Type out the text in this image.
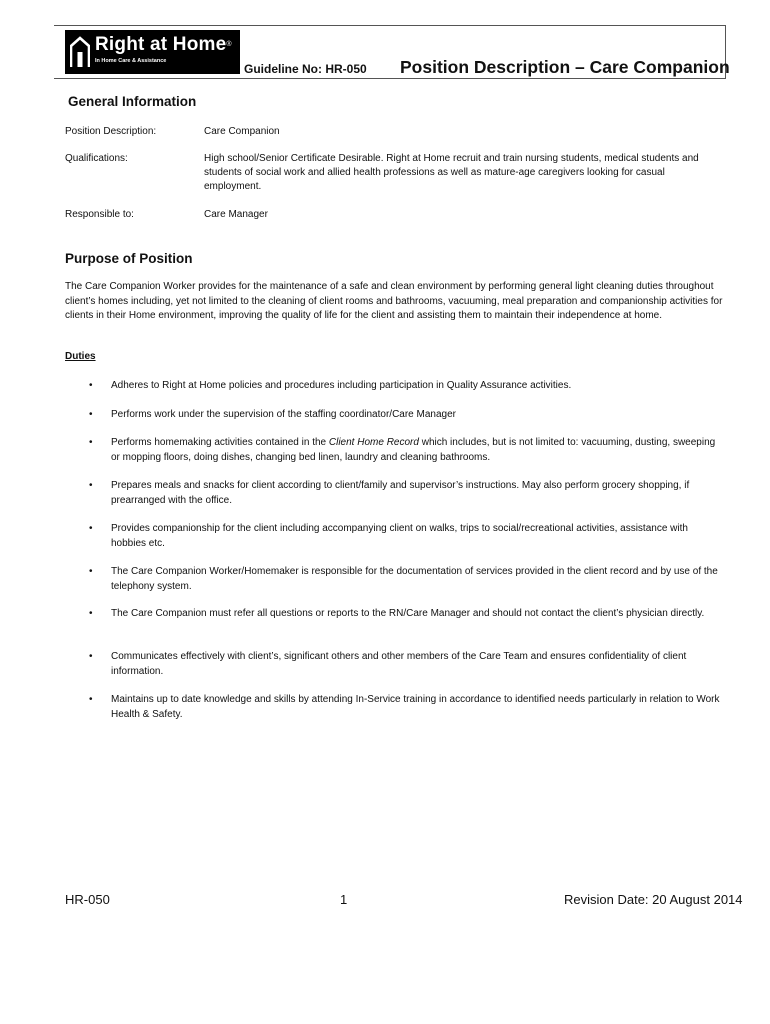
Right at Home®
In Home Care & Assistance
Guideline No: HR-050 Position Description – Care Companion
General Information
Position Description:	Care Companion
Qualifications:	High school/Senior Certificate Desirable. Right at Home recruit and train nursing students, medical students and students of social work and allied health professions as well as mature-age caregivers looking for casual employment.
Responsible to:	Care Manager
Purpose of Position
The Care Companion Worker provides for the maintenance of a safe and clean environment by performing general light cleaning duties throughout client’s homes including, yet not limited to the cleaning of client rooms and bathrooms, vacuuming, meal preparation and companionship activities for clients in their Home environment, improving the quality of life for the client and assisting them to maintain their independence at home.
Duties
•	Adheres to Right at Home policies and procedures including participation in Quality Assurance activities.
•	Performs work under the supervision of the staffing coordinator/Care Manager
•	Performs homemaking activities contained in the Client Home Record which includes, but is not limited to: vacuuming, dusting, sweeping or mopping floors, doing dishes, changing bed linen, laundry and cleaning bathrooms.
•	Prepares meals and snacks for client according to client/family and supervisor’s instructions. May also perform grocery shopping, if prearranged with the office.
•	Provides companionship for the client including accompanying client on walks, trips to social/recreational activities, assistance with hobbies etc.
•	The Care Companion Worker/Homemaker is responsible for the documentation of services provided in the client record and by use of the telephony system.
•	The Care Companion must refer all questions or reports to the RN/Care Manager and should not contact the client’s physician directly.
•	Communicates effectively with client’s, significant others and other members of the Care Team and ensures confidentiality of client information.
•	Maintains up to date knowledge and skills by attending In-Service training in accordance to identified needs particularly in relation to Work Health & Safety.
HR-050	1	Revision Date: 20 August 2014
